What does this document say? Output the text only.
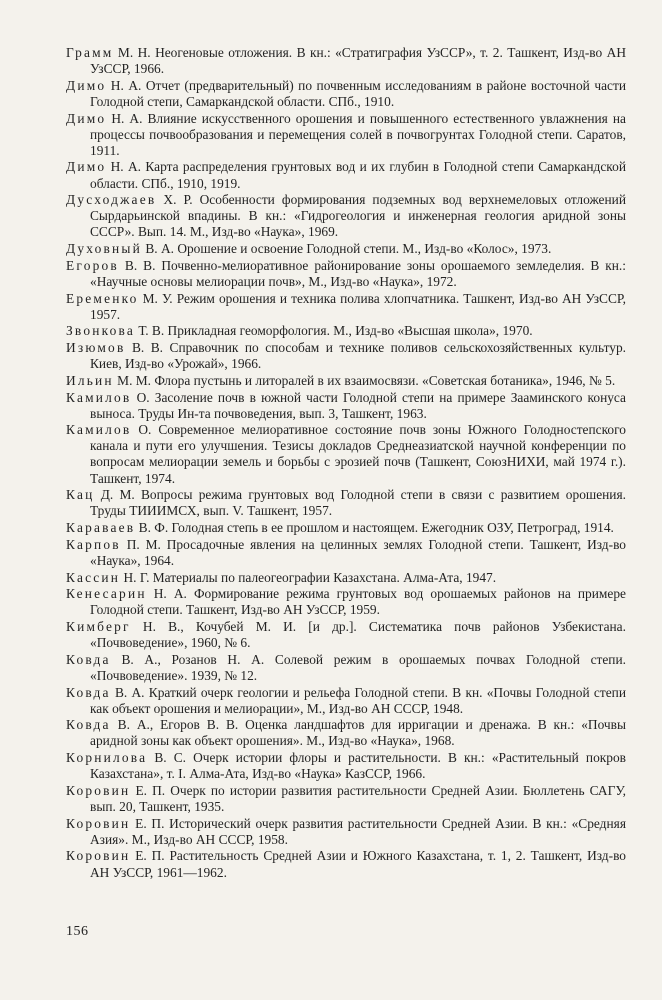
Грамм М. Н. Неогеновые отложения. В кн.: «Стратиграфия УзССР», т. 2. Ташкент, Изд-во АН УзССР, 1966.

Димо Н. А. Отчет (предварительный) по почвенным исследованиям в районе восточной части Голодной степи, Самаркандской области. СПб., 1910.

Димо Н. А. Влияние искусственного орошения и повышенного естественного увлажнения на процессы почвообразования и перемещения солей в почвогрунтах Голодной степи. Саратов, 1911.

Димо Н. А. Карта распределения грунтовых вод и их глубин в Голодной степи Самаркандской области. СПб., 1910, 1919.

Дусходжаев Х. Р. Особенности формирования подземных вод верхнемеловых отложений Сырдарьинской впадины. В кн.: «Гидрогеология и инженерная геология аридной зоны СССР». Вып. 14. М., Изд-во «Наука», 1969.

Духовный В. А. Орошение и освоение Голодной степи. М., Изд-во «Колос», 1973.

Егоров В. В. Почвенно-мелиоративное районирование зоны орошаемого земледелия. В кн.: «Научные основы мелиорации почв», М., Изд-во «Наука», 1972.

Еременко М. У. Режим орошения и техника полива хлопчатника. Ташкент, Изд-во АН УзССР, 1957.

Звонкова Т. В. Прикладная геоморфология. М., Изд-во «Высшая школа», 1970.

Изюмов В. В. Справочник по способам и технике поливов сельскохозяйственных культур. Киев, Изд-во «Урожай», 1966.

Ильин М. М. Флора пустынь и литоралей в их взаимосвязи. «Советская ботаника», 1946, № 5.

Камилов О. Засоление почв в южной части Голодной степи на примере Зааминского конуса выноса. Труды Ин-та почвоведения, вып. 3, Ташкент, 1963.

Камилов О. Современное мелиоративное состояние почв зоны Южного Голодностепского канала и пути его улучшения. Тезисы докладов Среднеазиатской научной конференции по вопросам мелиорации земель и борьбы с эрозией почв (Ташкент, СоюзНИХИ, май 1974 г.). Ташкент, 1974.

Кац Д. М. Вопросы режима грунтовых вод Голодной степи в связи с развитием орошения. Труды ТИИИМСХ, вып. V. Ташкент, 1957.

Караваев В. Ф. Голодная степь в ее прошлом и настоящем. Ежегодник ОЗУ, Петроград, 1914.

Карпов П. М. Просадочные явления на целинных землях Голодной степи. Ташкент, Изд-во «Наука», 1964.

Кассин Н. Г. Материалы по палеогеографии Казахстана. Алма-Ата, 1947.

Кенесарин Н. А. Формирование режима грунтовых вод орошаемых районов на примере Голодной степи. Ташкент, Изд-во АН УзССР, 1959.

Кимберг Н. В., Кочубей М. И. [и др.]. Систематика почв районов Узбекистана. «Почвоведение», 1960, № 6.

Ковда В. А., Розанов Н. А. Солевой режим в орошаемых почвах Голодной степи. «Почвоведение». 1939, № 12.

Ковда В. А. Краткий очерк геологии и рельефа Голодной степи. В кн. «Почвы Голодной степи как объект орошения и мелиорации», М., Изд-во АН СССР, 1948.

Ковда В. А., Егоров В. В. Оценка ландшафтов для ирригации и дренажа. В кн.: «Почвы аридной зоны как объект орошения». М., Изд-во «Наука», 1968.

Корнилова В. С. Очерк истории флоры и растительности. В кн.: «Растительный покров Казахстана», т. I. Алма-Ата, Изд-во «Наука» КазССР, 1966.

Коровин Е. П. Очерк по истории развития растительности Средней Азии. Бюллетень САГУ, вып. 20, Ташкент, 1935.

Коровин Е. П. Исторический очерк развития растительности Средней Азии. В кн.: «Средняя Азия». М., Изд-во АН СССР, 1958.

Коровин Е. П. Растительность Средней Азии и Южного Казахстана, т. 1, 2. Ташкент, Изд-во АН УзССР, 1961—1962.

156
